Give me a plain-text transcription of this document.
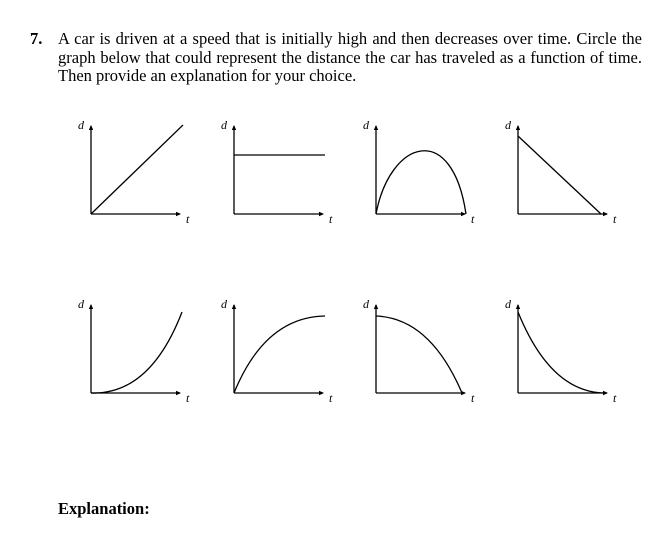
7. A car is driven at a speed that is initially high and then decreases over time. Circle the graph below that could represent the distance the car has traveled as a function of time. Then provide an explanation for your choice.
d
t
d
t
d
t
d
t
d
t
d
t
d
t
d
t
Explanation:
